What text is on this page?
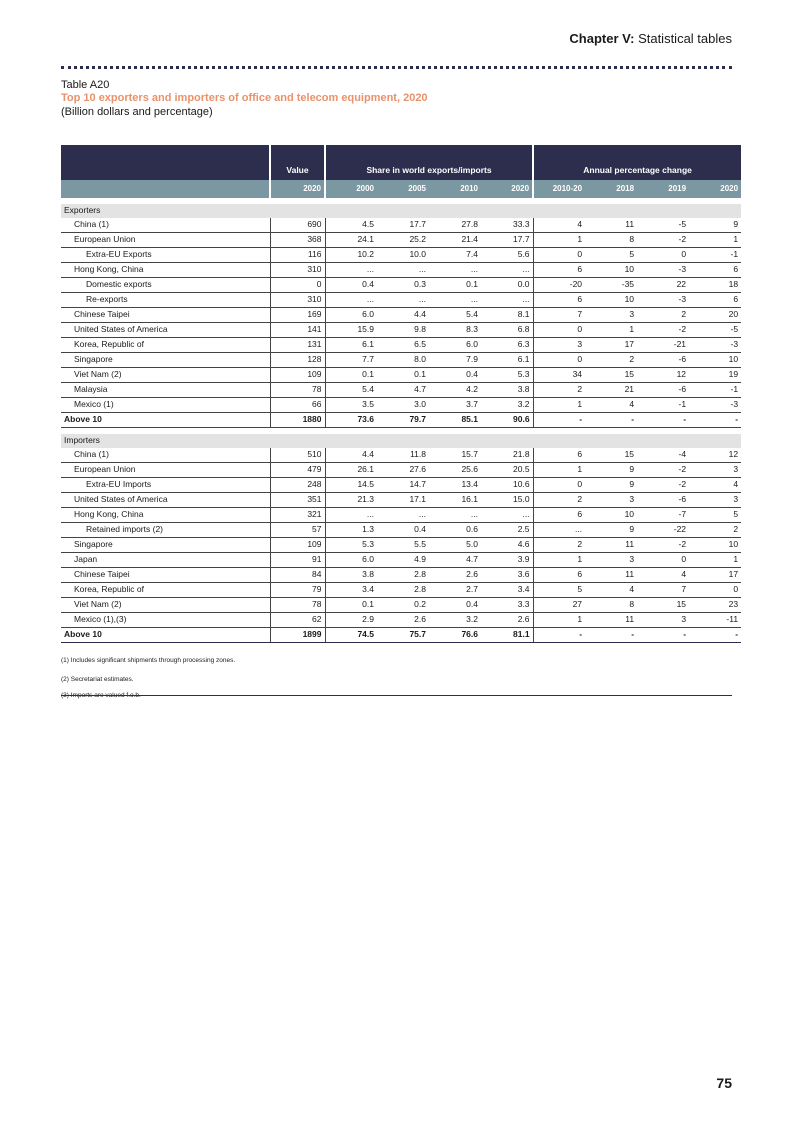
Chapter V: Statistical tables
Table A20
Top 10 exporters and importers of office and telecom equipment, 2020
(Billion dollars and percentage)
	Value	Share in world exports/imports				Annual percentage change			
	2020	2000	2005	2010	2020	2010-20	2018	2019	2020

Exporters									
China (1)	690	4.5	17.7	27.8	33.3	4	11	-5	9
European Union	368	24.1	25.2	21.4	17.7	1	8	-2	1
Extra-EU Exports	116	10.2	10.0	7.4	5.6	0	5	0	-1
Hong Kong, China	310	...	...	...	...	6	10	-3	6
Domestic exports	0	0.4	0.3	0.1	0.0	-20	-35	22	18
Re-exports	310	...	...	...	...	6	10	-3	6
Chinese Taipei	169	6.0	4.4	5.4	8.1	7	3	2	20
United States of America	141	15.9	9.8	8.3	6.8	0	1	-2	-5
Korea, Republic of	131	6.1	6.5	6.0	6.3	3	17	-21	-3
Singapore	128	7.7	8.0	7.9	6.1	0	2	-6	10
Viet Nam (2)	109	0.1	0.1	0.4	5.3	34	15	12	19
Malaysia	78	5.4	4.7	4.2	3.8	2	21	-6	-1
Mexico (1)	66	3.5	3.0	3.7	3.2	1	4	-1	-3
Above 10	1880	73.6	79.7	85.1	90.6	-	-	-	-

Importers									
China (1)	510	4.4	11.8	15.7	21.8	6	15	-4	12
European Union	479	26.1	27.6	25.6	20.5	1	9	-2	3
Extra-EU Imports	248	14.5	14.7	13.4	10.6	0	9	-2	4
United States of America	351	21.3	17.1	16.1	15.0	2	3	-6	3
Hong Kong, China	321	...	...	...	...	6	10	-7	5
Retained imports (2)	57	1.3	0.4	0.6	2.5	...	9	-22	2
Singapore	109	5.3	5.5	5.0	4.6	2	11	-2	10
Japan	91	6.0	4.9	4.7	3.9	1	3	0	1
Chinese Taipei	84	3.8	2.8	2.6	3.6	6	11	4	17
Korea, Republic of	79	3.4	2.8	2.7	3.4	5	4	7	0
Viet Nam (2)	78	0.1	0.2	0.4	3.3	27	8	15	23
Mexico (1),(3)	62	2.9	2.6	3.2	2.6	1	11	3	-11
Above 10	1899	74.5	75.7	76.6	81.1	-	-	-	-
(1) Includes significant shipments through processing zones.
(2) Secretariat estimates.
(3) Imports are valued f.o.b.
75
